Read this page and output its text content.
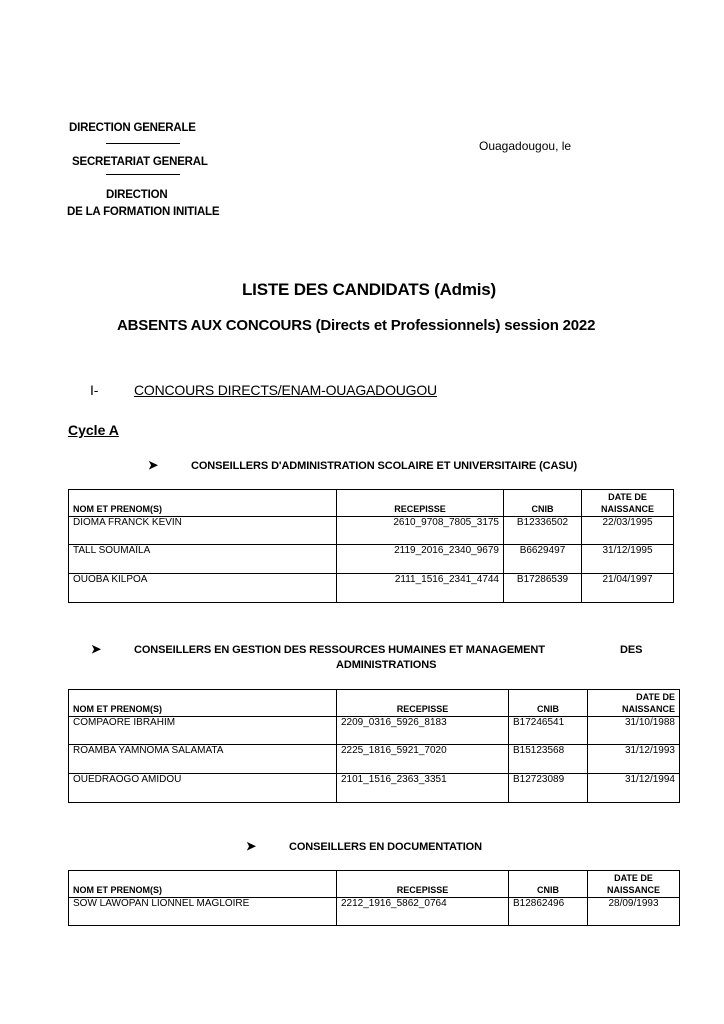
DIRECTION GENERALE
SECRETARIAT GENERAL
DIRECTION
DE LA FORMATION INITIALE
Ouagadougou, le
LISTE DES CANDIDATS (Admis)
ABSENTS AUX CONCOURS (Directs et Professionnels) session 2022
I-	CONCOURS DIRECTS/ENAM-OUAGADOUGOU
Cycle A
➤	CONSEILLERS D'ADMINISTRATION SCOLAIRE ET UNIVERSITAIRE (CASU)
NOM ET PRENOM(S)	RECEPISSE	CNIB	DATE DE
NAISSANCE

DIOMA FRANCK KEVIN	2610_9708_7805_3175	B12336502	22/03/1995
TALL SOUMAÏLA	2119_2016_2340_9679	B6629497	31/12/1995
OUOBA KILPOA	2111_1516_2341_4744	B17286539	21/04/1997
➤	CONSEILLERS EN GESTION DES RESSOURCES HUMAINES ET MANAGEMENT	DES
ADMINISTRATIONS
NOM ET PRENOM(S)	RECEPISSE	CNIB	DATE DE
NAISSANCE

COMPAORE IBRAHIM	2209_0316_5926_8183	B17246541	31/10/1988
ROAMBA YAMNOMA SALAMATA	2225_1816_5921_7020	B15123568	31/12/1993
OUEDRAOGO AMIDOU	2101_1516_2363_3351	B12723089	31/12/1994
➤	CONSEILLERS EN DOCUMENTATION
NOM ET PRENOM(S)	RECEPISSE	CNIB	DATE DE
NAISSANCE

SOW LAWOPAN LIONNEL MAGLOIRE	2212_1916_5862_0764	B12862496	28/09/1993
